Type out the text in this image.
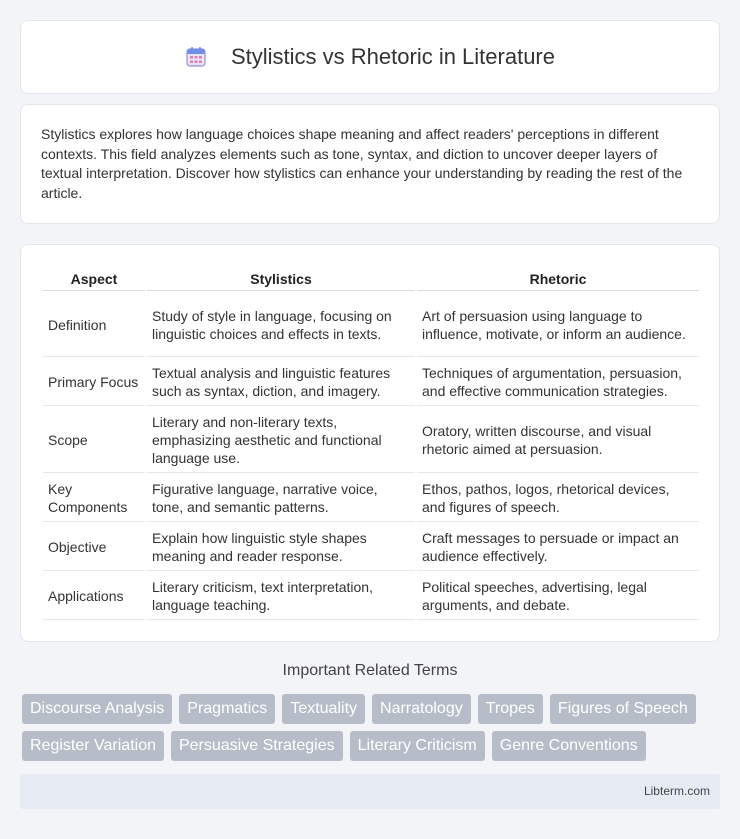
Stylistics vs Rhetoric in Literature

Stylistics explores how language choices shape meaning and affect readers' perceptions in different contexts. This field analyzes elements such as tone, syntax, and diction to uncover deeper layers of textual interpretation. Discover how stylistics can enhance your understanding by reading the rest of the article.

Aspect	Stylistics	Rhetoric
Definition	Study of style in language, focusing on linguistic choices and effects in texts.	Art of persuasion using language to influence, motivate, or inform an audience.
Primary Focus	Textual analysis and linguistic features such as syntax, diction, and imagery.	Techniques of argumentation, persuasion, and effective communication strategies.
Scope	Literary and non-literary texts, emphasizing aesthetic and functional language use.	Oratory, written discourse, and visual rhetoric aimed at persuasion.
Key Components	Figurative language, narrative voice, tone, and semantic patterns.	Ethos, pathos, logos, rhetorical devices, and figures of speech.
Objective	Explain how linguistic style shapes meaning and reader response.	Craft messages to persuade or impact an audience effectively.
Applications	Literary criticism, text interpretation, language teaching.	Political speeches, advertising, legal arguments, and debate.
Important Related Terms
Discourse Analysis	Pragmatics	Textuality	Narratology	Tropes	Figures of Speech
Register Variation	Persuasive Strategies	Literary Criticism	Genre Conventions
Libterm.com
